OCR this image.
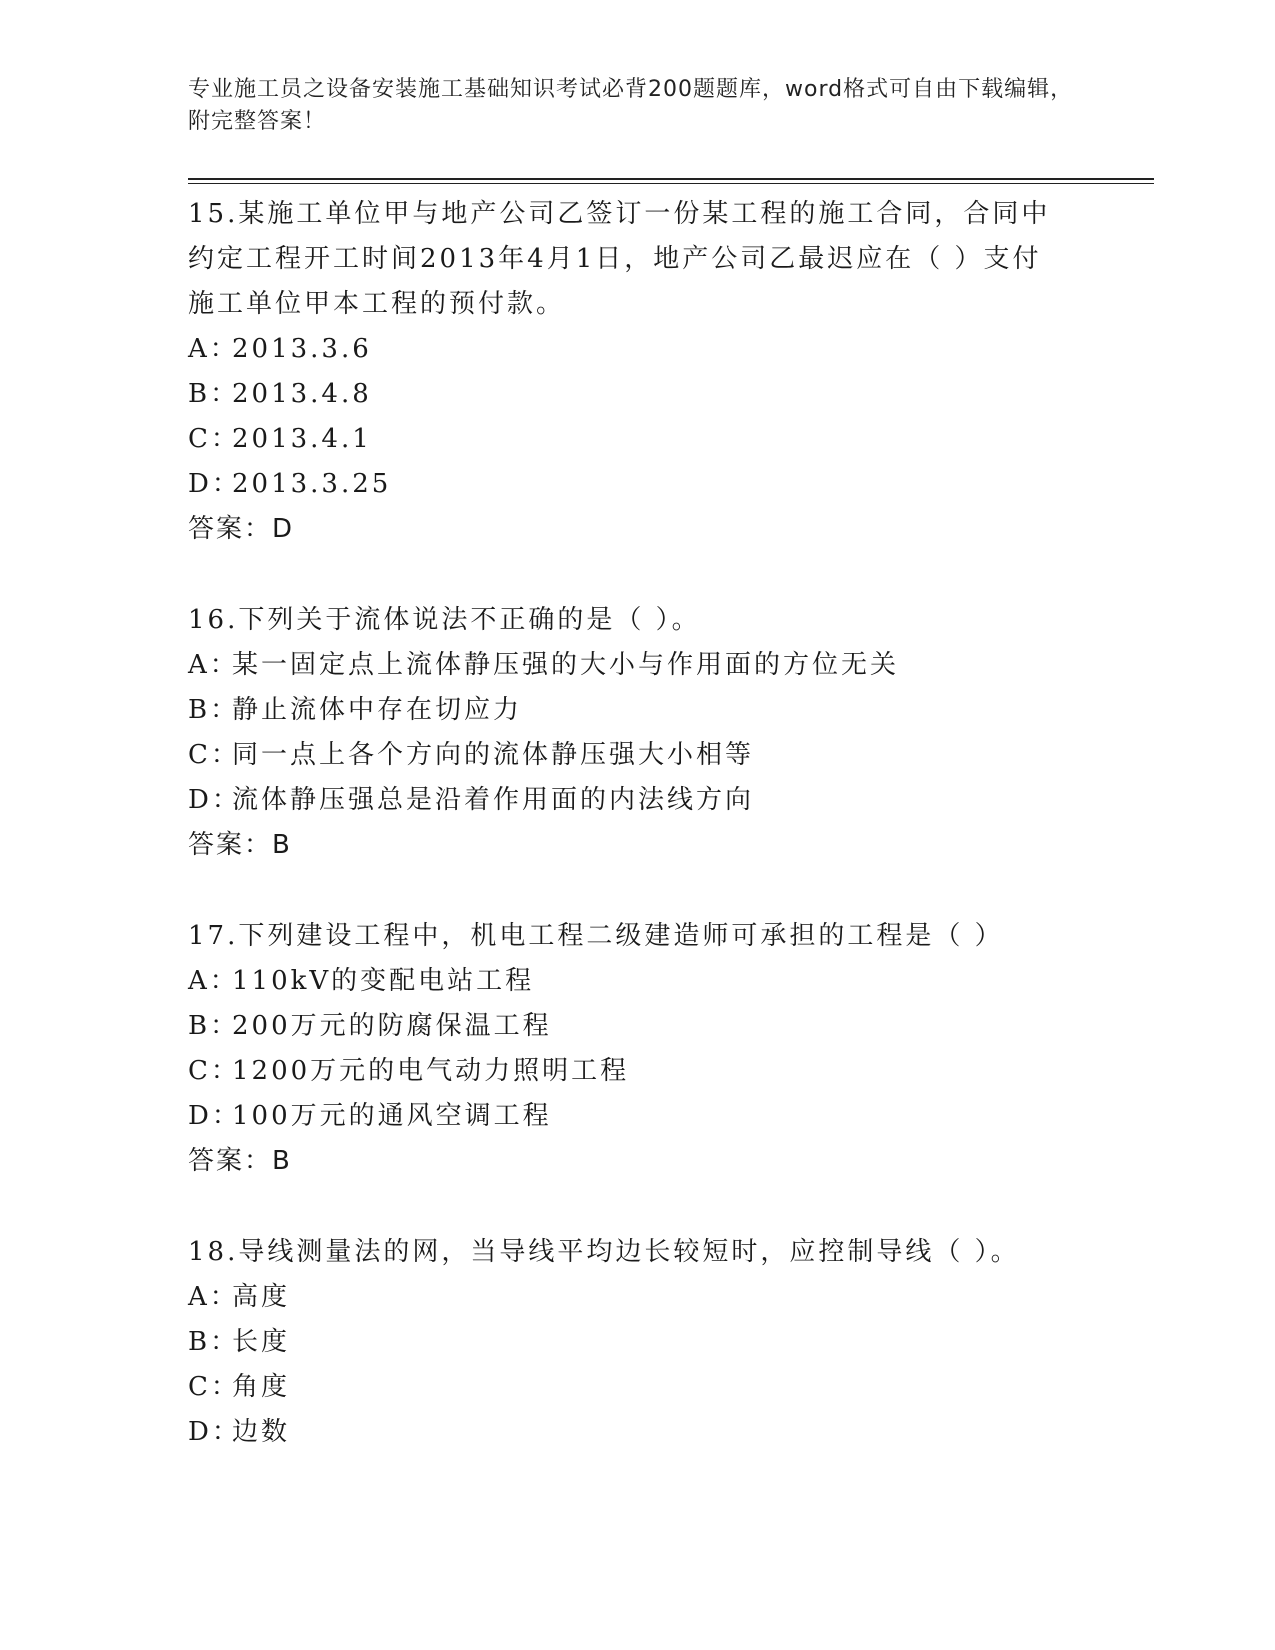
专业施工员之设备安装施工基础知识考试必背200题题库，word格式可自由下载编辑，附完整答案！
15.某施工单位甲与地产公司乙签订一份某工程的施工合同，合同中约定工程开工时间2013年4月1日，地产公司乙最迟应在（ ）支付施工单位甲本工程的预付款。
A：2013.3.6
B：2013.4.8
C：2013.4.1
D：2013.3.25
答案：D
16.下列关于流体说法不正确的是（ ）。
A：某一固定点上流体静压强的大小与作用面的方位无关
B：静止流体中存在切应力
C：同一点上各个方向的流体静压强大小相等
D：流体静压强总是沿着作用面的内法线方向
答案：B
17.下列建设工程中，机电工程二级建造师可承担的工程是（ ）
A：110kV的变配电站工程
B：200万元的防腐保温工程
C：1200万元的电气动力照明工程
D：100万元的通风空调工程
答案：B
18.导线测量法的网，当导线平均边长较短时，应控制导线（ ）。
A：高度
B：长度
C：角度
D：边数
